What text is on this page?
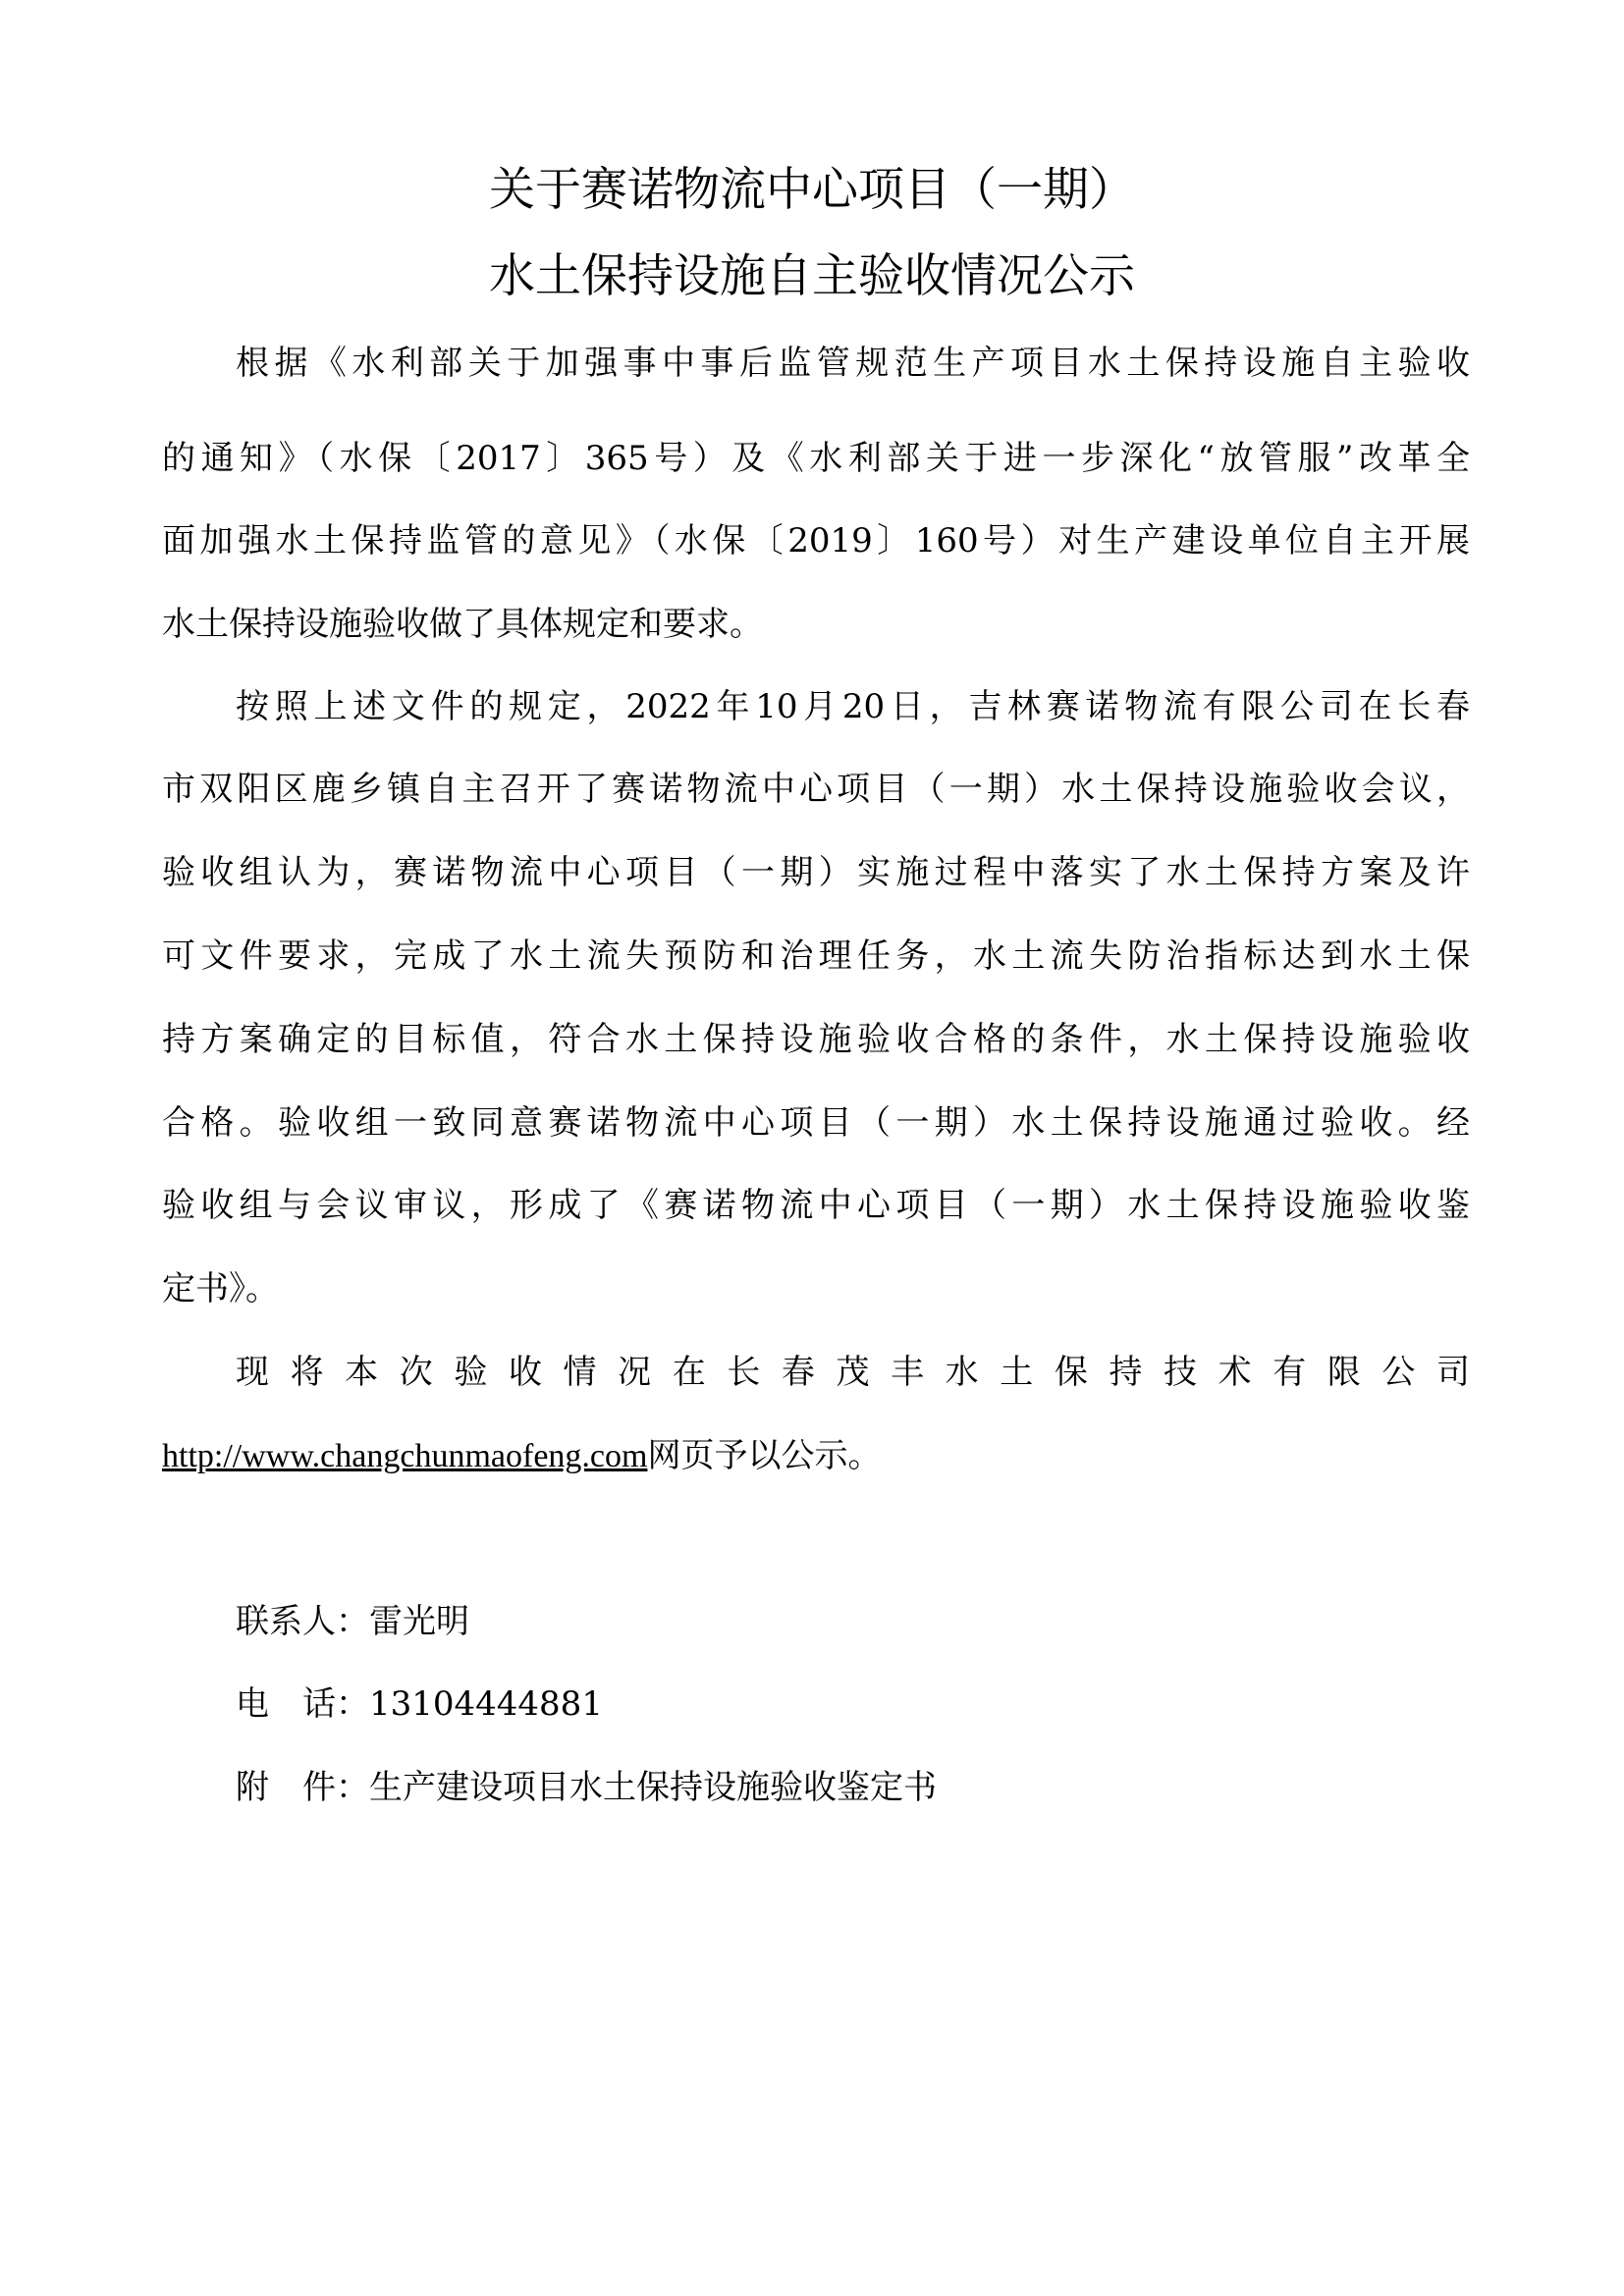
关于赛诺物流中心项目（一期）
水土保持设施自主验收情况公示
根据《水利部关于加强事中事后监管规范生产项目水土保持设施自主验收
的通知》（水保〔2017〕365号）及《水利部关于进一步深化“放管服”改革全
面加强水土保持监管的意见》（水保〔2019〕160号）对生产建设单位自主开展
水土保持设施验收做了具体规定和要求。
按照上述文件的规定，2022年10月20日，吉林赛诺物流有限公司在长春
市双阳区鹿乡镇自主召开了赛诺物流中心项目（一期）水土保持设施验收会议，
验收组认为，赛诺物流中心项目（一期）实施过程中落实了水土保持方案及许
可文件要求，完成了水土流失预防和治理任务，水土流失防治指标达到水土保
持方案确定的目标值，符合水土保持设施验收合格的条件，水土保持设施验收
合格。验收组一致同意赛诺物流中心项目（一期）水土保持设施通过验收。经
验收组与会议审议，形成了《赛诺物流中心项目（一期）水土保持设施验收鉴
定书》。
现将本次验收情况在长春茂丰水土保持技术有限公司
http://www.changchunmaofeng.com网页予以公示。
联系人：雷光明
电　话：13104444881
附　件：生产建设项目水土保持设施验收鉴定书
